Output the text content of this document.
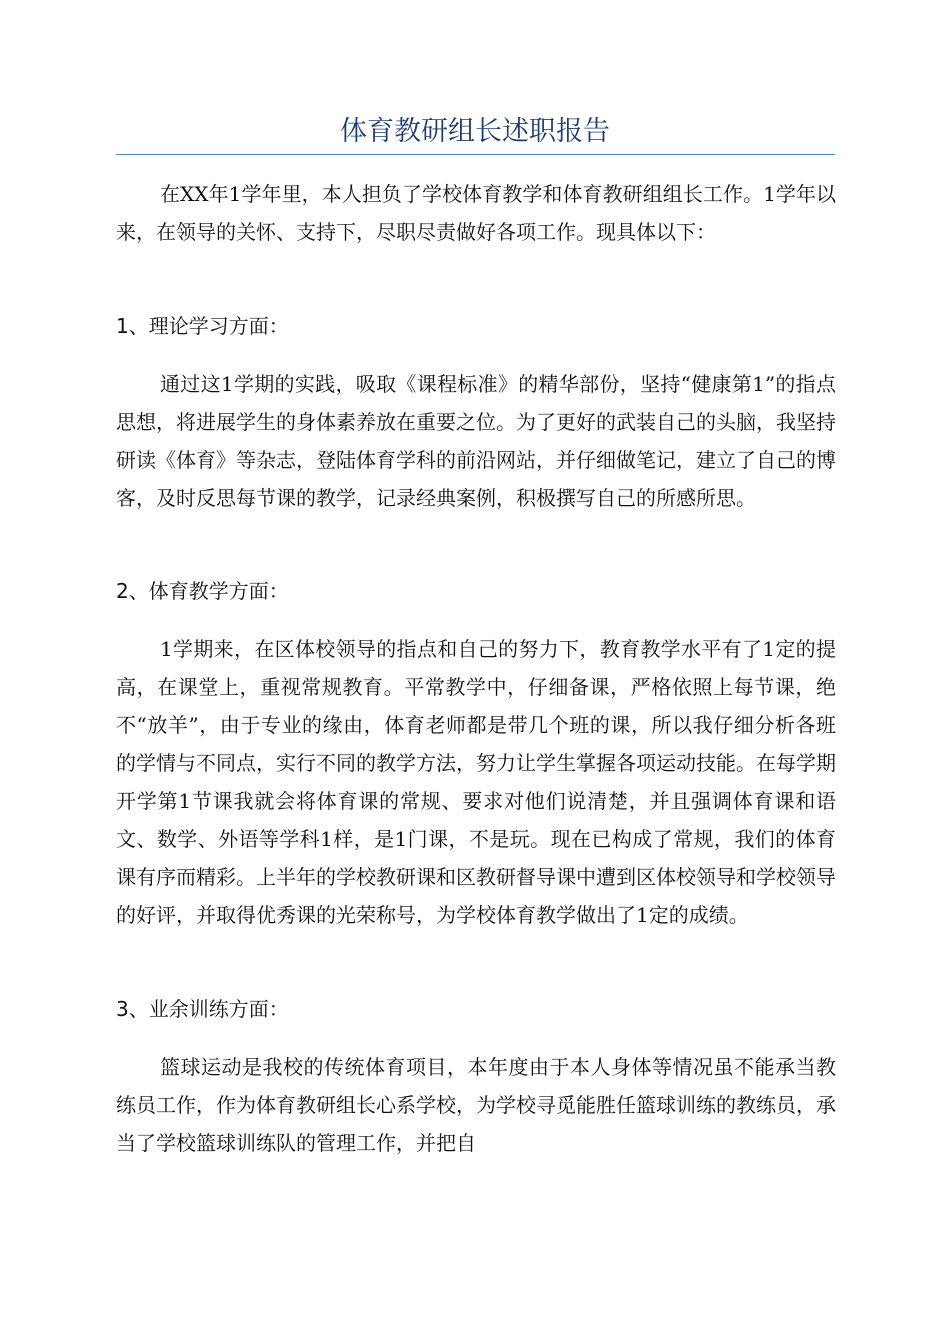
体育教研组长述职报告

在XX年1学年里，本人担负了学校体育教学和体育教研组组长工作。1学年以来，在领导的关怀、支持下，尽职尽责做好各项工作。现具体以下：

1、理论学习方面：

通过这1学期的实践，吸取《课程标准》的精华部份，坚持“健康第1”的指点思想，将进展学生的身体素养放在重要之位。为了更好的武装自己的头脑，我坚持研读《体育》等杂志，登陆体育学科的前沿网站，并仔细做笔记，建立了自己的博客，及时反思每节课的教学，记录经典案例，积极撰写自己的所感所思。

2、体育教学方面：

1学期来，在区体校领导的指点和自己的努力下，教育教学水平有了1定的提高，在课堂上，重视常规教育。平常教学中，仔细备课，严格依照上每节课，绝不“放羊”，由于专业的缘由，体育老师都是带几个班的课，所以我仔细分析各班的学情与不同点，实行不同的教学方法，努力让学生掌握各项运动技能。在每学期开学第1节课我就会将体育课的常规、要求对他们说清楚，并且强调体育课和语文、数学、外语等学科1样，是1门课，不是玩。现在已构成了常规，我们的体育课有序而精彩。上半年的学校教研课和区教研督导课中遭到区体校领导和学校领导的好评，并取得优秀课的光荣称号，为学校体育教学做出了1定的成绩。

3、业余训练方面：

篮球运动是我校的传统体育项目，本年度由于本人身体等情况虽不能承当教练员工作，作为体育教研组长心系学校，为学校寻觅能胜任篮球训练的教练员，承当了学校篮球训练队的管理工作，并把自
